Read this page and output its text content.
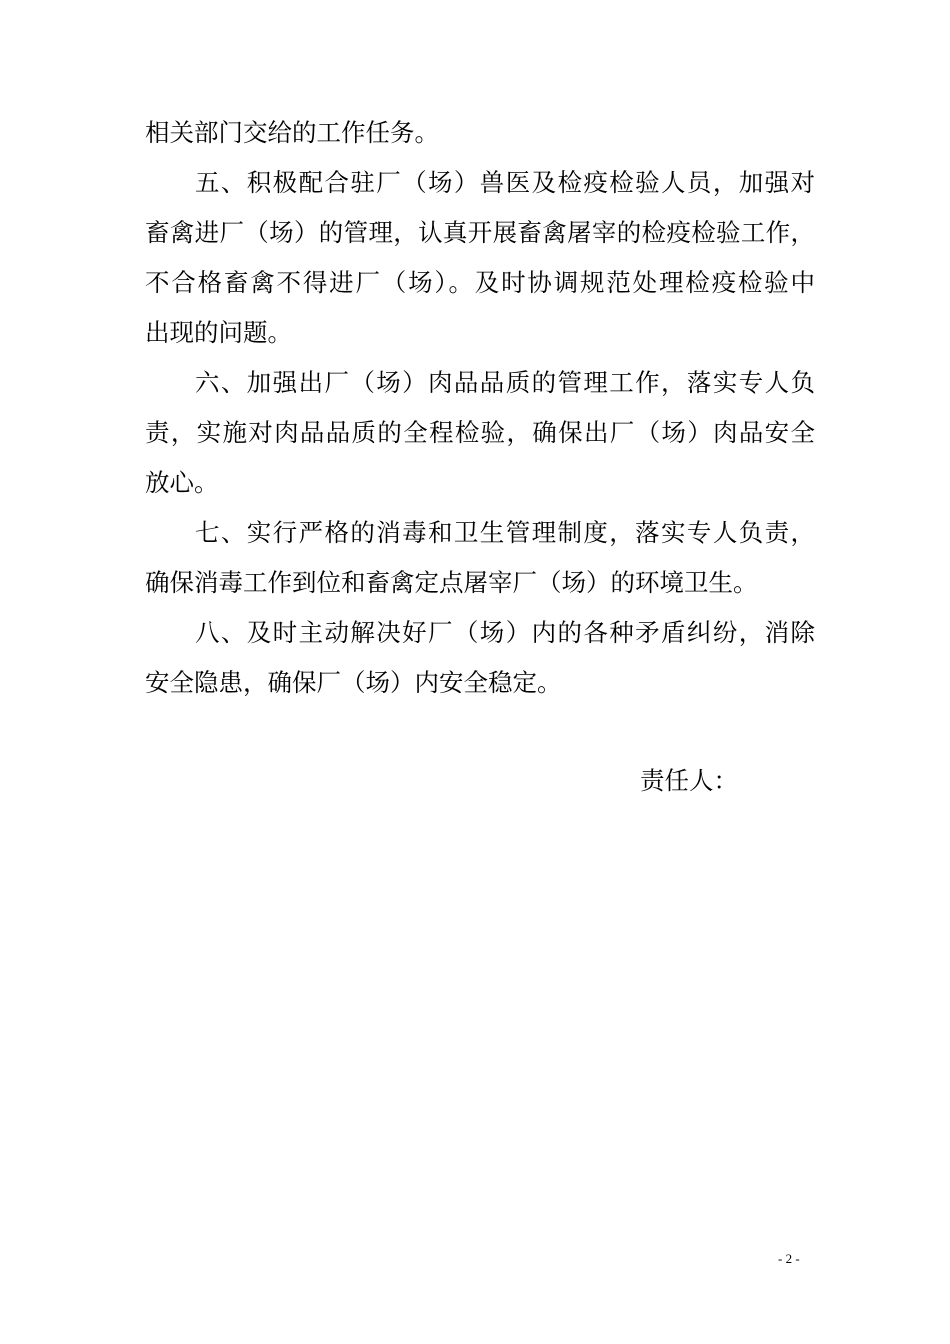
相关部门交给的工作任务。
五、积极配合驻厂（场）兽医及检疫检验人员，加强对
畜禽进厂（场）的管理，认真开展畜禽屠宰的检疫检验工作，
不合格畜禽不得进厂（场）。及时协调规范处理检疫检验中
出现的问题。
六、加强出厂（场）肉品品质的管理工作，落实专人负
责，实施对肉品品质的全程检验，确保出厂（场）肉品安全
放心。
七、实行严格的消毒和卫生管理制度，落实专人负责，
确保消毒工作到位和畜禽定点屠宰厂（场）的环境卫生。
八、及时主动解决好厂（场）内的各种矛盾纠纷，消除
安全隐患，确保厂（场）内安全稳定。
责任人：
- 2 -
